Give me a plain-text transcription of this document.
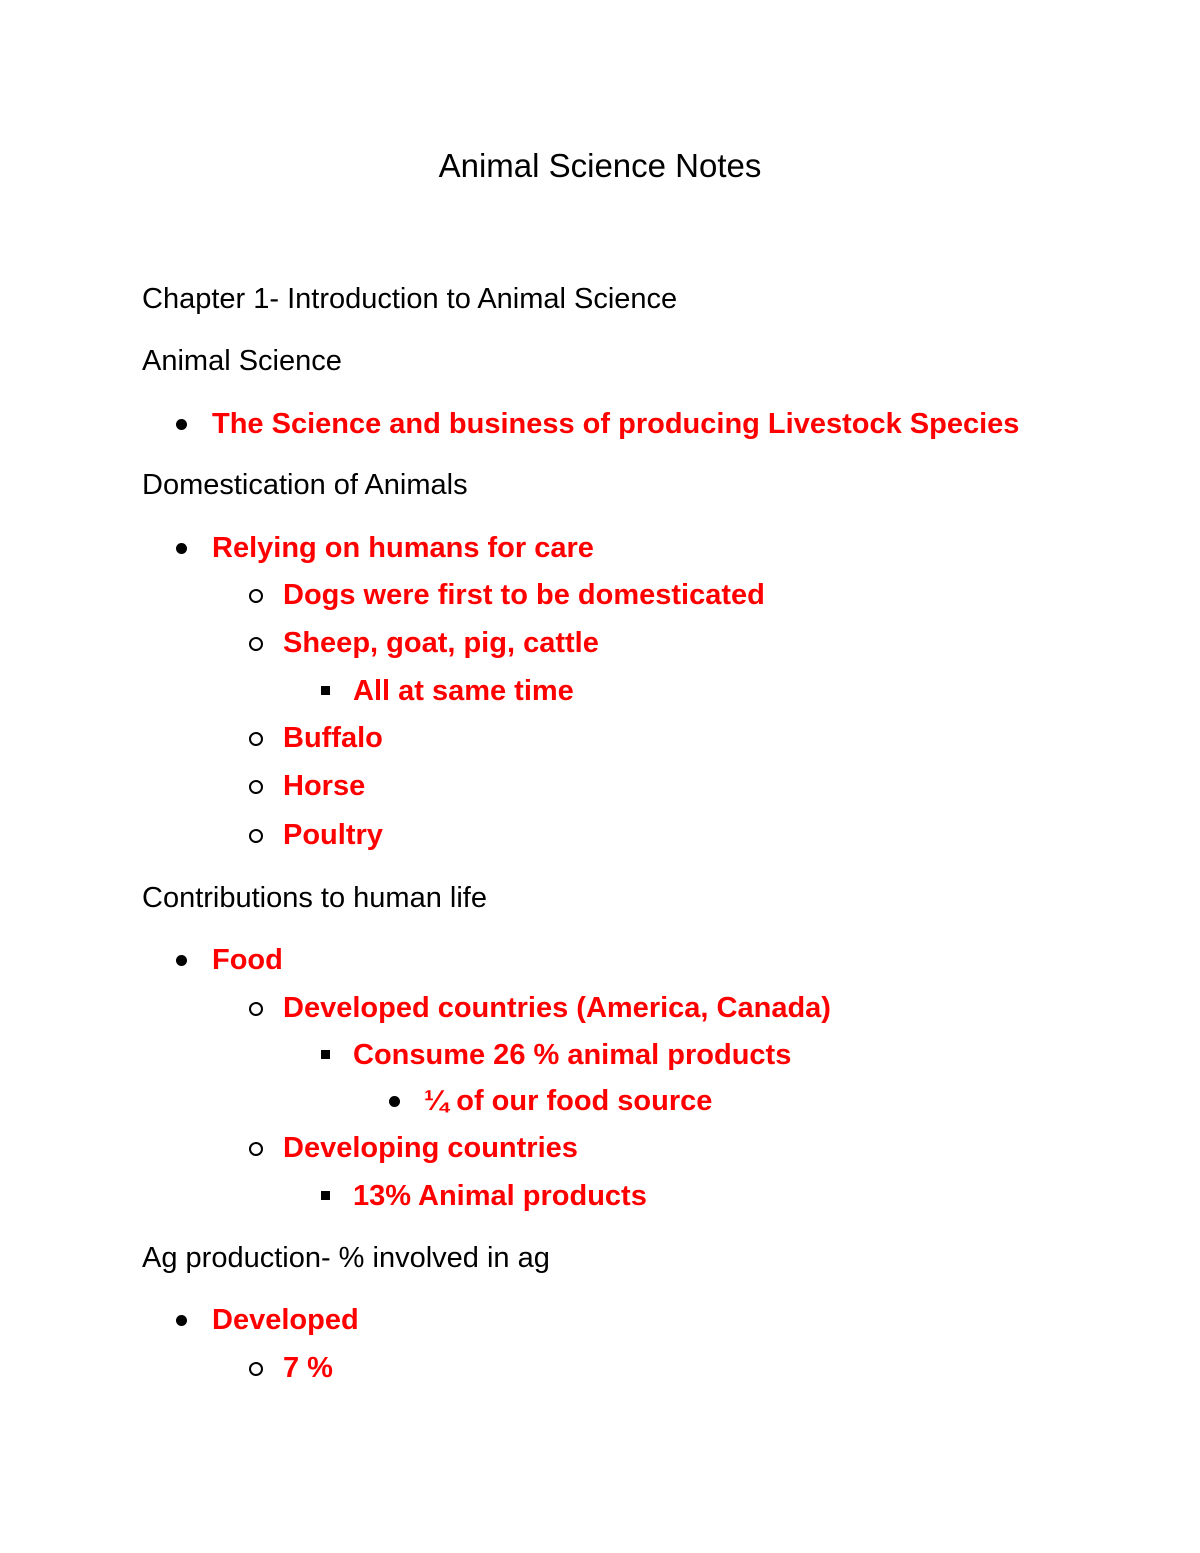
Animal Science Notes
Chapter 1- Introduction to Animal Science
Animal Science
The Science and business of producing Livestock Species
Domestication of Animals
Relying on humans for care
Dogs were first to be domesticated
Sheep, goat, pig, cattle
All at same time
Buffalo
Horse
Poultry
Contributions to human life
Food
Developed countries (America, Canada)
Consume 26 % animal products
¼ of our food source
Developing countries
13% Animal products
Ag production- % involved in ag
Developed
7 %
